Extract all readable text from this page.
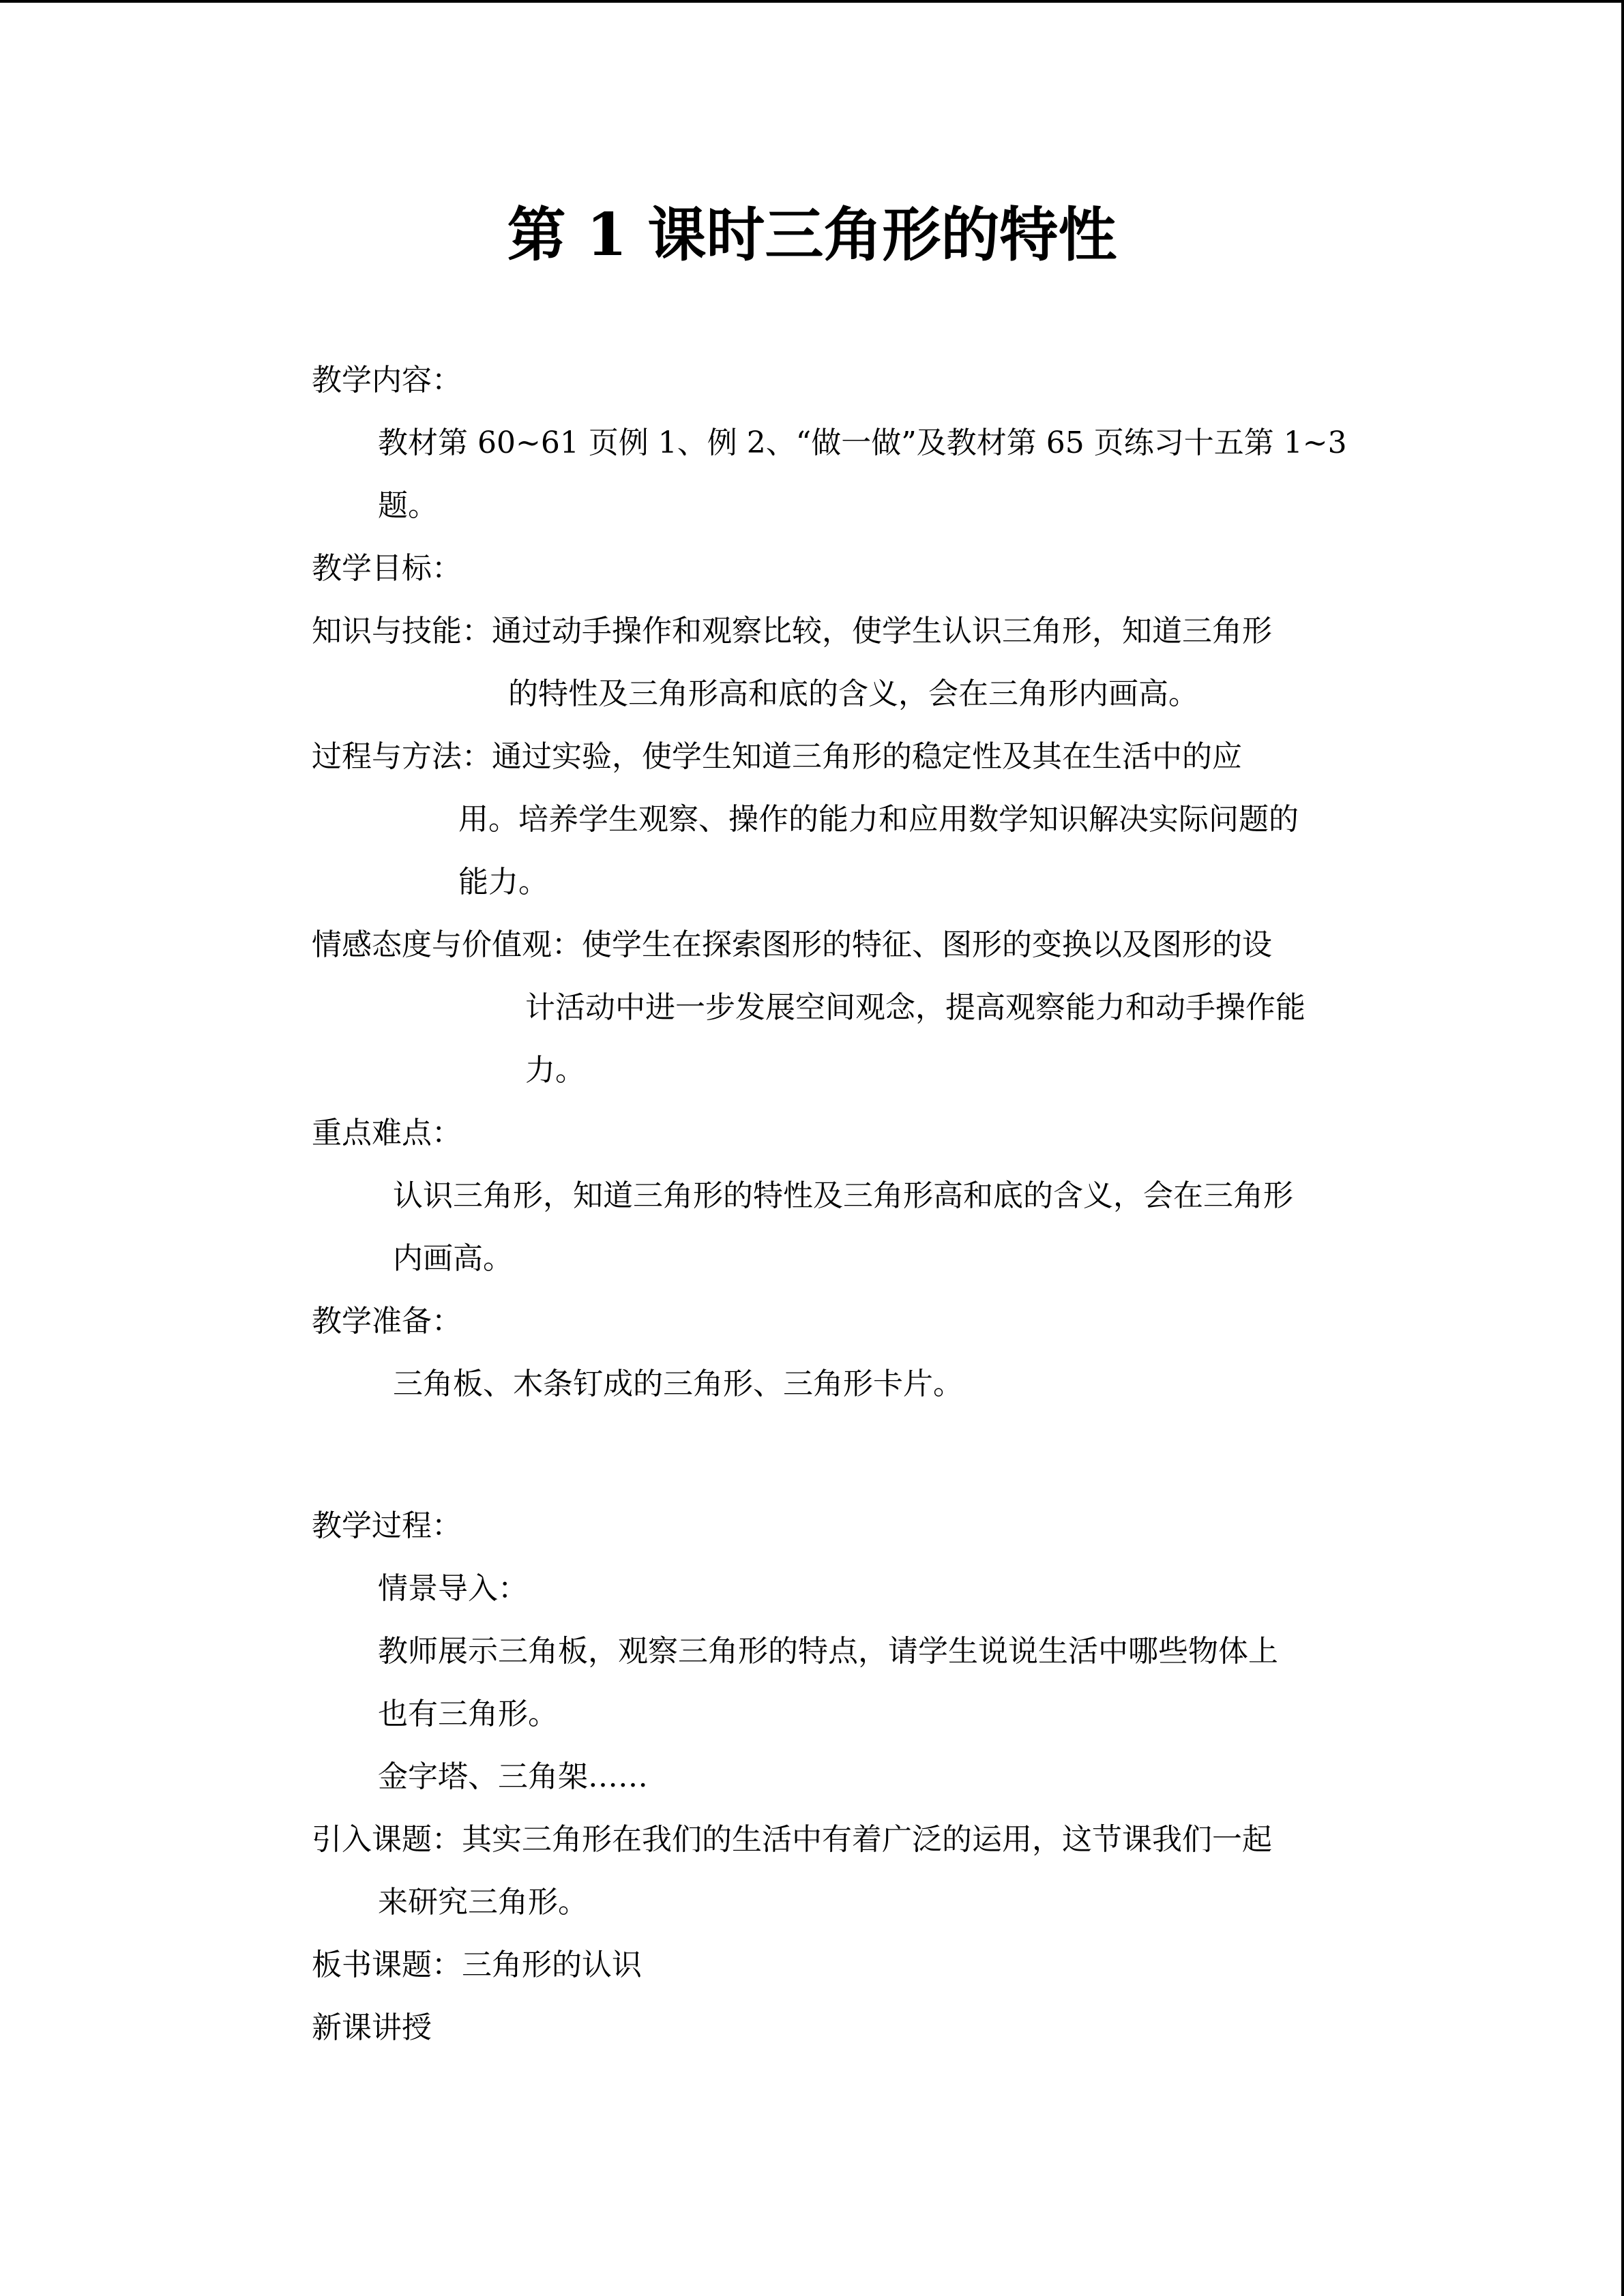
第 1 课时三角形的特性
教学内容：
教材第 60~61 页例 1、例 2、“做一做”及教材第 65 页练习十五第 1~3
题。
教学目标：
知识与技能：通过动手操作和观察比较，使学生认识三角形，知道三角形
的特性及三角形高和底的含义，会在三角形内画高。
过程与方法：通过实验，使学生知道三角形的稳定性及其在生活中的应
用。培养学生观察、操作的能力和应用数学知识解决实际问题的
能力。
情感态度与价值观：使学生在探索图形的特征、图形的变换以及图形的设
计活动中进一步发展空间观念，提高观察能力和动手操作能
力。
重点难点：
认识三角形，知道三角形的特性及三角形高和底的含义，会在三角形
内画高。
教学准备：
三角板、木条钉成的三角形、三角形卡片。
教学过程：
情景导入：
教师展示三角板，观察三角形的特点，请学生说说生活中哪些物体上
也有三角形。
金字塔、三角架……
引入课题：其实三角形在我们的生活中有着广泛的运用，这节课我们一起
来研究三角形。
板书课题：三角形的认识
新课讲授
